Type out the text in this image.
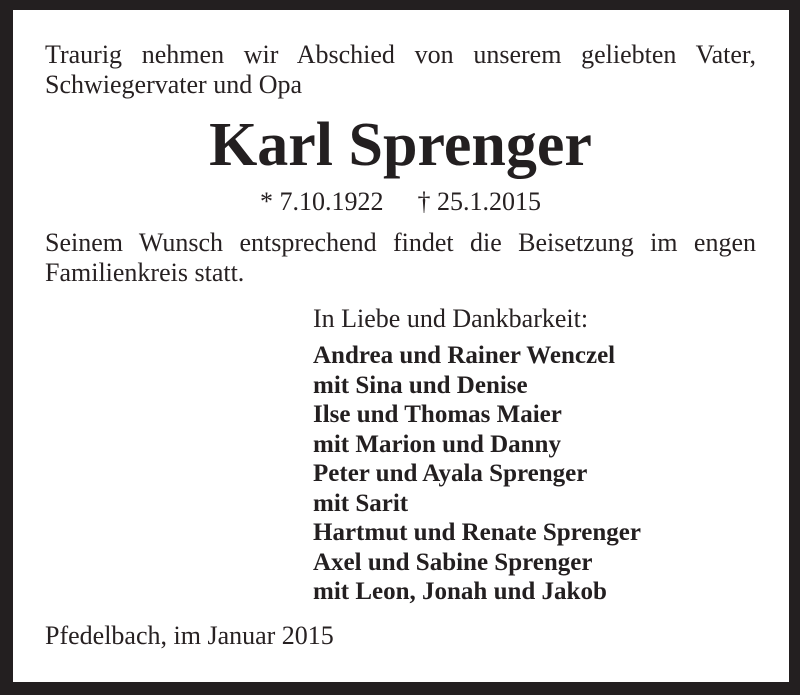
Traurig nehmen wir Abschied von unserem geliebten Vater,
Schwiegervater und Opa
Karl Sprenger
* 7.10.1922 † 25.1.2015
Seinem Wunsch entsprechend findet die Beisetzung im engen
Familienkreis statt.
In Liebe und Dankbarkeit:
Andrea und Rainer Wenczel
mit Sina und Denise
Ilse und Thomas Maier
mit Marion und Danny
Peter und Ayala Sprenger
mit Sarit
Hartmut und Renate Sprenger
Axel und Sabine Sprenger
mit Leon, Jonah und Jakob
Pfedelbach, im Januar 2015
